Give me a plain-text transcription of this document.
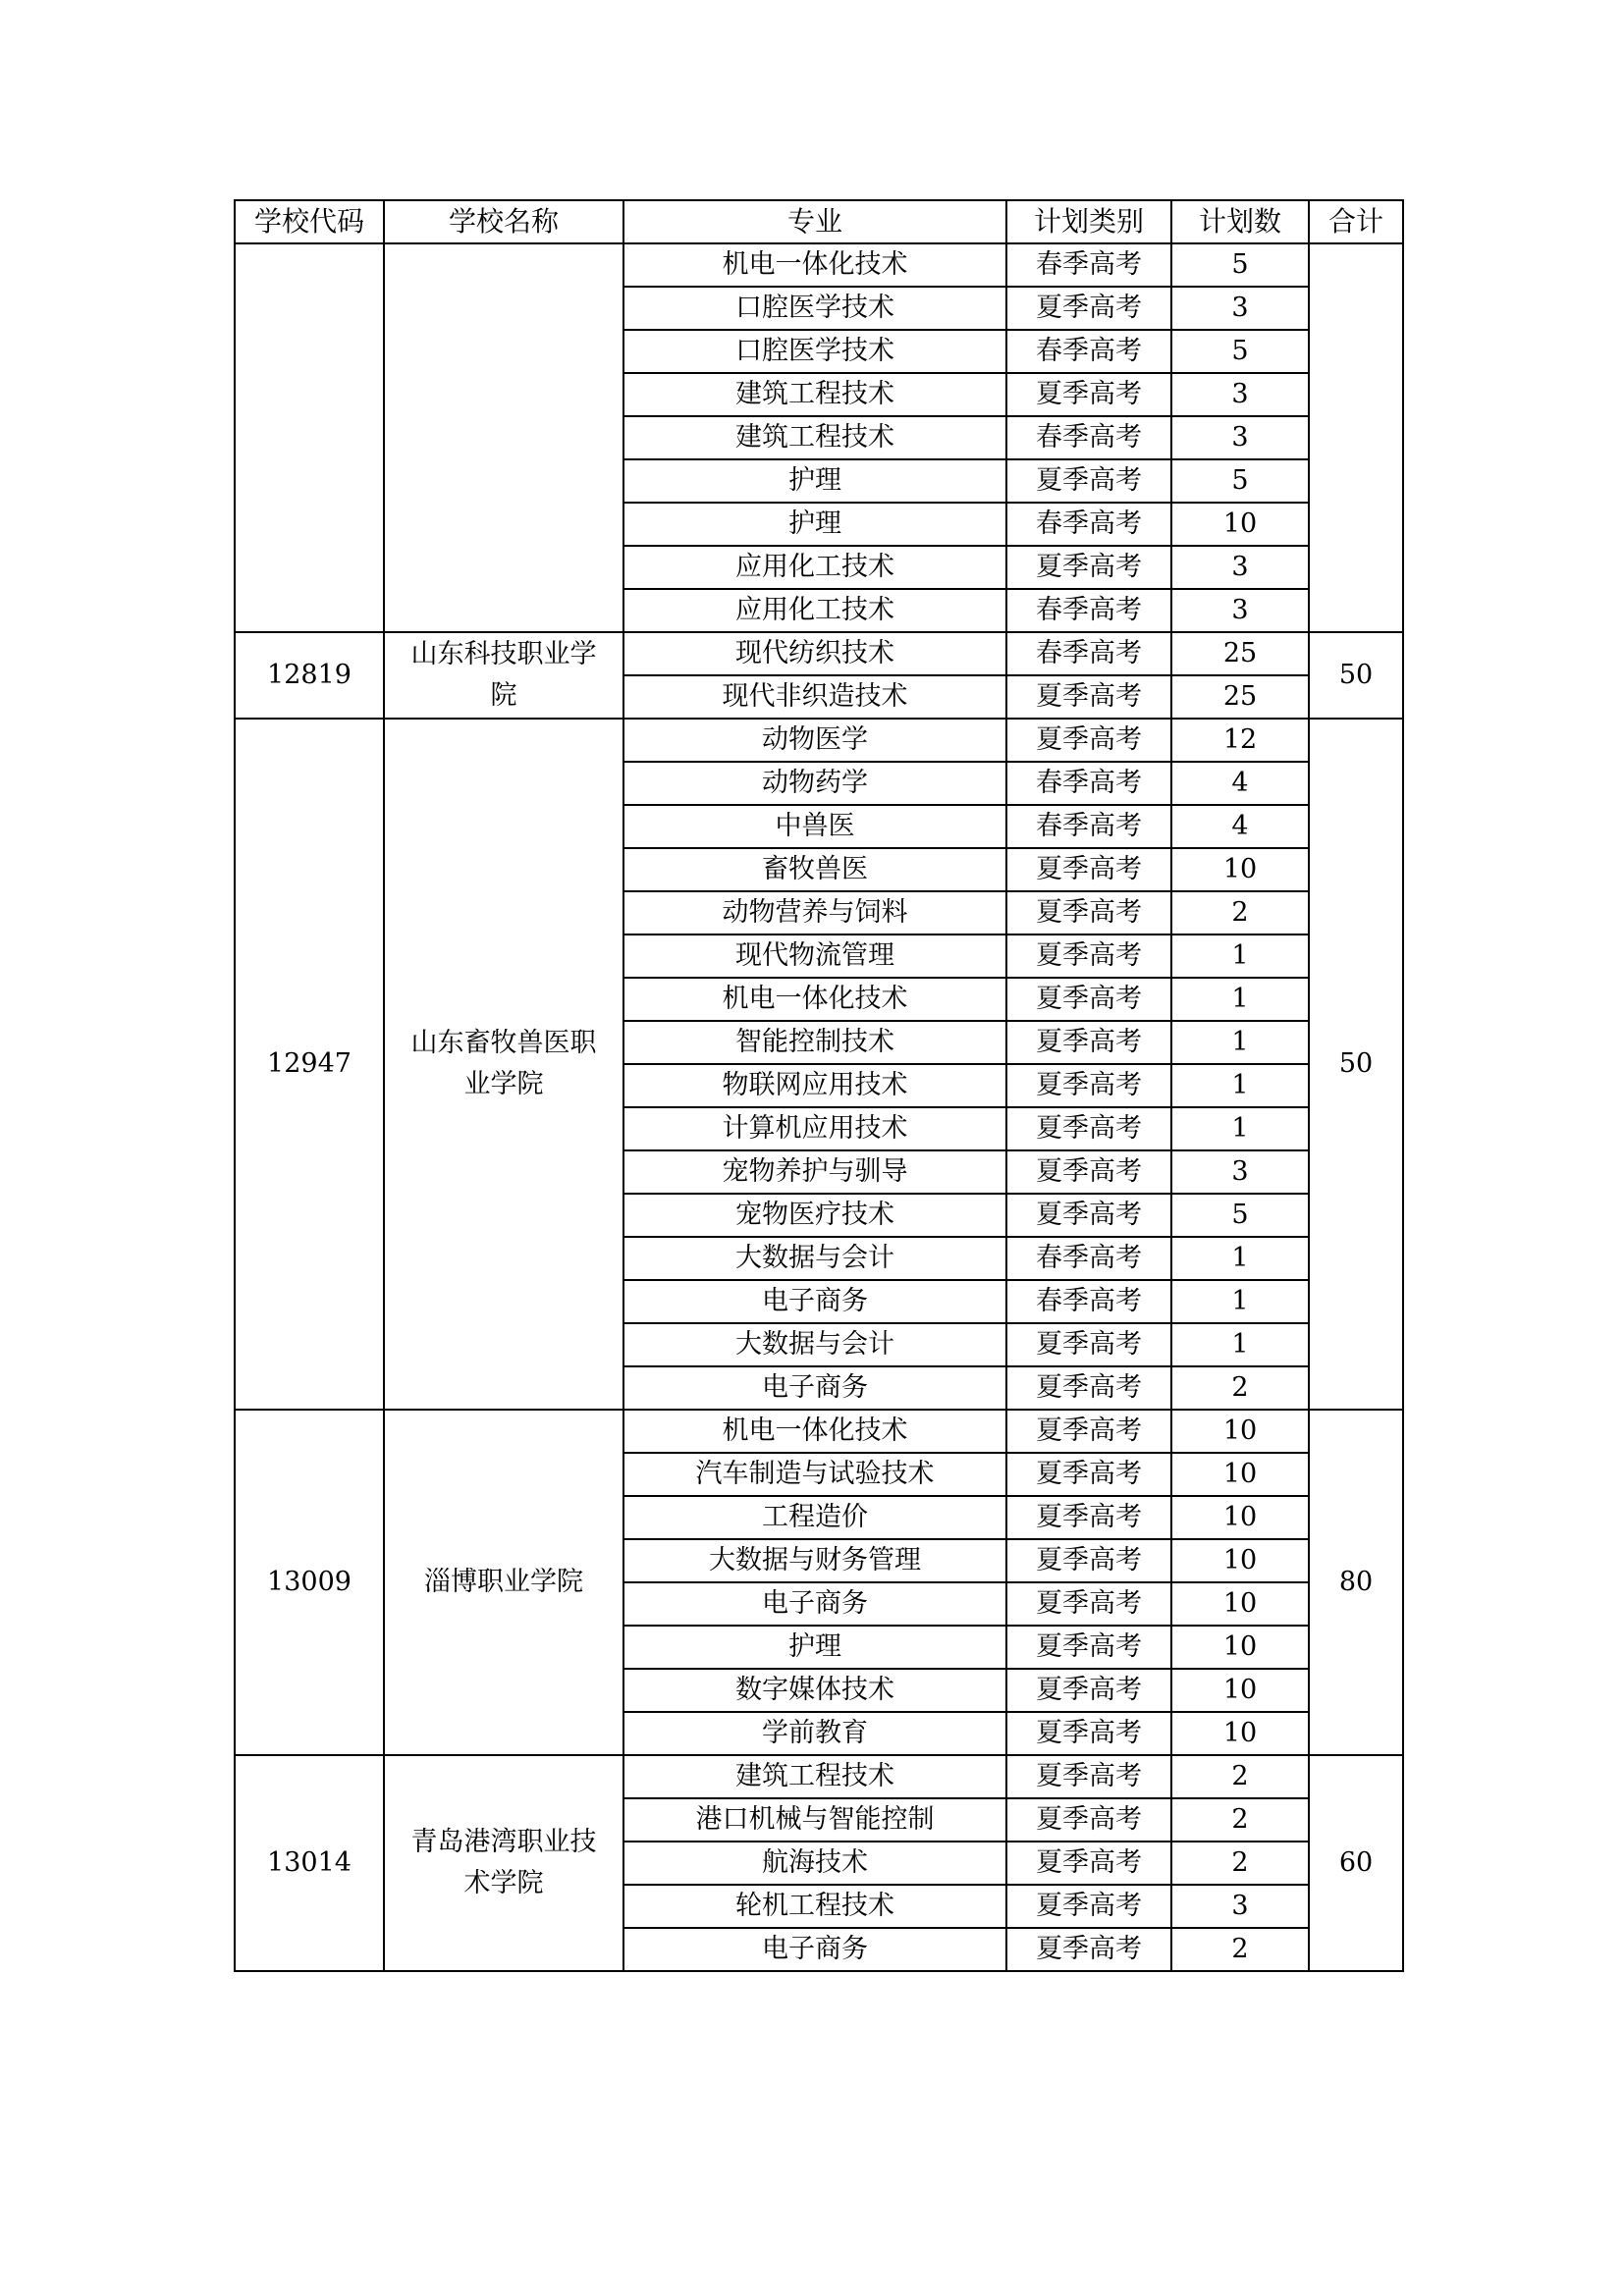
学校代码	学校名称	专业	计划类别	计划数	合计
		机电一体化技术	春季高考	5	
		口腔医学技术	夏季高考	3	
		口腔医学技术	春季高考	5	
		建筑工程技术	夏季高考	3	
		建筑工程技术	春季高考	3	
		护理	夏季高考	5	
		护理	春季高考	10	
		应用化工技术	夏季高考	3	
		应用化工技术	春季高考	3	
12819	山东科技职业学院	现代纺织技术	春季高考	25	50
		现代非织造技术	夏季高考	25	
12947	山东畜牧兽医职业学院	动物医学	夏季高考	12	50
		动物药学	春季高考	4	
		中兽医	春季高考	4	
		畜牧兽医	夏季高考	10	
		动物营养与饲料	夏季高考	2	
		现代物流管理	夏季高考	1	
		机电一体化技术	夏季高考	1	
		智能控制技术	夏季高考	1	
		物联网应用技术	夏季高考	1	
		计算机应用技术	夏季高考	1	
		宠物养护与驯导	夏季高考	3	
		宠物医疗技术	夏季高考	5	
		大数据与会计	春季高考	1	
		电子商务	春季高考	1	
		大数据与会计	夏季高考	1	
		电子商务	夏季高考	2	
13009	淄博职业学院	机电一体化技术	夏季高考	10	80
		汽车制造与试验技术	夏季高考	10	
		工程造价	夏季高考	10	
		大数据与财务管理	夏季高考	10	
		电子商务	夏季高考	10	
		护理	夏季高考	10	
		数字媒体技术	夏季高考	10	
		学前教育	夏季高考	10	
13014	青岛港湾职业技术学院	建筑工程技术	夏季高考	2	60
		港口机械与智能控制	夏季高考	2	
		航海技术	夏季高考	2	
		轮机工程技术	夏季高考	3	
		电子商务	夏季高考	2	
